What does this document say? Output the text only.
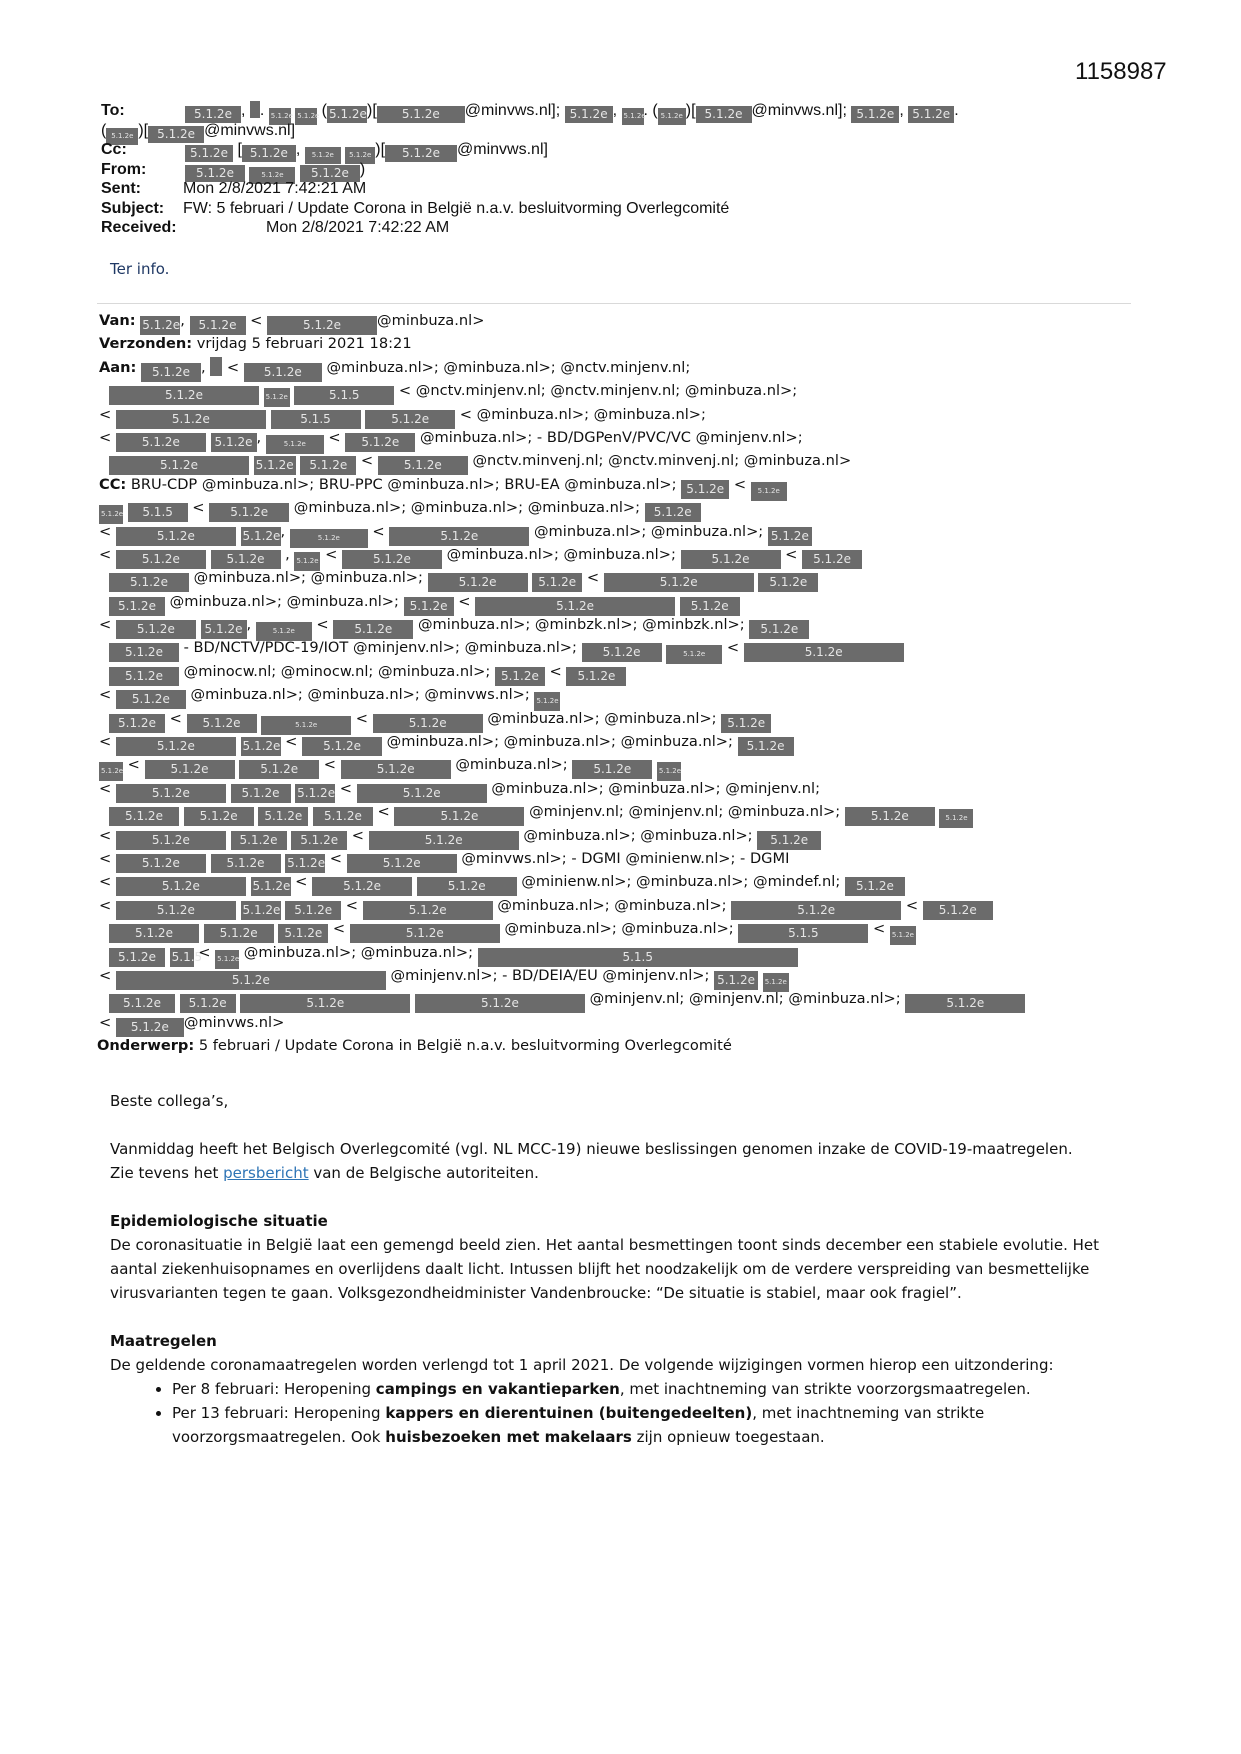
1158987
To:	5.1.2e , . 5.1.2e 5.1.2e ( 5.1.2e)[ 5.1.2e @minvws.nl]; 5.1.2e , 5.1.2e. ( 5.1.2e )[ 5.1.2e @minvws.nl]; 5.1.2e , 5.1.2e .
( 5.1.2e )[ 5.1.2e @minvws.nl]
Cc:	5.1.2e [ 5.1.2e , 5.1.2e 5.1.2e )[ 5.1.2e @minvws.nl]
From:	5.1.2e	5.1.2e 5.1.2e )
Sent:	Mon 2/8/2021 7:42:21 AM
Subject: FW: 5 februari / Update Corona in België n.a.v. besluitvorming Overlegcomité
Received:	Mon 2/8/2021 7:42:22 AM
Ter info.
Van: 5.1.2e, 5.1.2e <	5.1.2e @minbuza.nl>
Verzonden: vrijdag 5 februari 2021 18:21
Aan: 5.1.2e ,  < 5.1.2e @minbuza.nl>; @minbuza.nl>; @nctv.minjenv.nl;
5.1.2e	5.1.2e	5.1.5 < @nctv.minjenv.nl; @nctv.minjenv.nl; @minbuza.nl>;
<	5.1.2e	5.1.5	5.1.2e < @minbuza.nl>; @minbuza.nl>;
< 5.1.2e	5.1.2e ,	5.1.2e < 5.1.2e @minbuza.nl>; - BD/DGPenV/PVC/VC @minjenv.nl>;
5.1.2e	5.1.2e 5.1.2e < 5.1.2e @nctv.minvenj.nl; @nctv.minvenj.nl; @minbuza.nl>
CC: BRU-CDP @minbuza.nl>; BRU-PPC @minbuza.nl>; BRU-EA @minbuza.nl>; 5.1.2e < 5.1.2e
5.1.2e 5.1.5 < 5.1.2e @minbuza.nl>; @minbuza.nl>; @minbuza.nl>; 5.1.2e
<	5.1.2e	5.1.2e,	5.1.2e <	5.1.2e	@minbuza.nl>; @minbuza.nl>; 5.1.2e
< 5.1.2e	5.1.2e , 5.1.2e <	5.1.2e @minbuza.nl>; @minbuza.nl>;	5.1.2e < 5.1.2e
5.1.2e @minbuza.nl>; @minbuza.nl>;	5.1.2e	5.1.2e <	5.1.2e	5.1.2e
5.1.2e @minbuza.nl>; @minbuza.nl>; 5.1.2e <	5.1.2e	5.1.2e
< 5.1.2e 5.1.2e , 5.1.2e < 5.1.2e @minbuza.nl>; @minbzk.nl>; @minbzk.nl>; 5.1.2e
5.1.2e - BD/NCTV/PDC-19/IOT @minjenv.nl>; @minbuza.nl>; 5.1.2e	5.1.2e <	5.1.2e
5.1.2e @minocw.nl; @minocw.nl; @minbuza.nl>; 5.1.2e < 5.1.2e
< 5.1.2e @minbuza.nl>; @minbuza.nl>; @minvws.nl>; 5.1.2e
5.1.2e < 5.1.2e	5.1.2e <	5.1.2e	@minbuza.nl>; @minbuza.nl>; 5.1.2e
<	5.1.2e	5.1.2e < 5.1.2e @minbuza.nl>; @minbuza.nl>; @minbuza.nl>; 5.1.2e
5.1.2e < 5.1.2e	5.1.2e <	5.1.2e	@minbuza.nl>; 5.1.2e	5.1.2e
<	5.1.2e	5.1.2e 5.1.2e <	5.1.2e	@minbuza.nl>; @minbuza.nl>; @minjenv.nl;
5.1.2e	5.1.2e 5.1.2e 5.1.2e <	5.1.2e	@minjenv.nl; @minjenv.nl; @minbuza.nl>;	5.1.2e	5.1.2e
<	5.1.2e	5.1.2e 5.1.2e <	5.1.2e	@minbuza.nl>; @minbuza.nl>; 5.1.2e
< 5.1.2e	5.1.2e 5.1.2e <	5.1.2e	@minvws.nl>; - DGMI @minienw.nl>; - DGMI
<	5.1.2e	5.1.2e <	5.1.2e	5.1.2e @minienw.nl>; @minbuza.nl>; @mindef.nl; 5.1.2e
<	5.1.2e	5.1.2e 5.1.2e <	5.1.2e	@minbuza.nl>; @minbuza.nl>;	5.1.2e	< 5.1.2e
5.1.2e	5.1.2e 5.1.2e <	5.1.2e	@minbuza.nl>; @minbuza.nl>;	5.1.5	< 5.1.2e
5.1.2e 5.1.5 < 5.1.2e @minbuza.nl>; @minbuza.nl>;	5.1.5
<	5.1.2e	@minjenv.nl>; - BD/DEIA/EU @minjenv.nl>; 5.1.2e 5.1.2e
5.1.2e 5.1.2e	5.1.2e	5.1.2e	@minjenv.nl; @minjenv.nl; @minbuza.nl>;	5.1.2e
< 5.1.2e @minvws.nl>
Onderwerp: 5 februari / Update Corona in België n.a.v. besluitvorming Overlegcomité

Beste collega’s,

Vanmiddag heeft het Belgisch Overlegcomité (vgl. NL MCC-19) nieuwe beslissingen genomen inzake de COVID-19-maatregelen.
Zie tevens het persbericht van de Belgische autoriteiten.

Epidemiologische situatie

De coronasituatie in België laat een gemengd beeld zien. Het aantal besmettingen toont sinds december een stabiele evolutie. Het aantal ziekenhuisopnames en overlijdens daalt licht. Intussen blijft het noodzakelijk om de verdere verspreiding van besmettelijke virusvarianten tegen te gaan. Volksgezondheidminister Vandenbroucke: “De situatie is stabiel, maar ook fragiel”.

Maatregelen

De geldende coronamaatregelen worden verlengd tot 1 april 2021. De volgende wijzigingen vormen hierop een uitzondering:

• Per 8 februari: Heropening campings en vakantieparken, met inachtneming van strikte voorzorgsmaatregelen.
• Per 13 februari: Heropening kappers en dierentuinen (buitengedeelten), met inachtneming van strikte voorzorgsmaatregelen. Ook huisbezoeken met makelaars zijn opnieuw toegestaan.
